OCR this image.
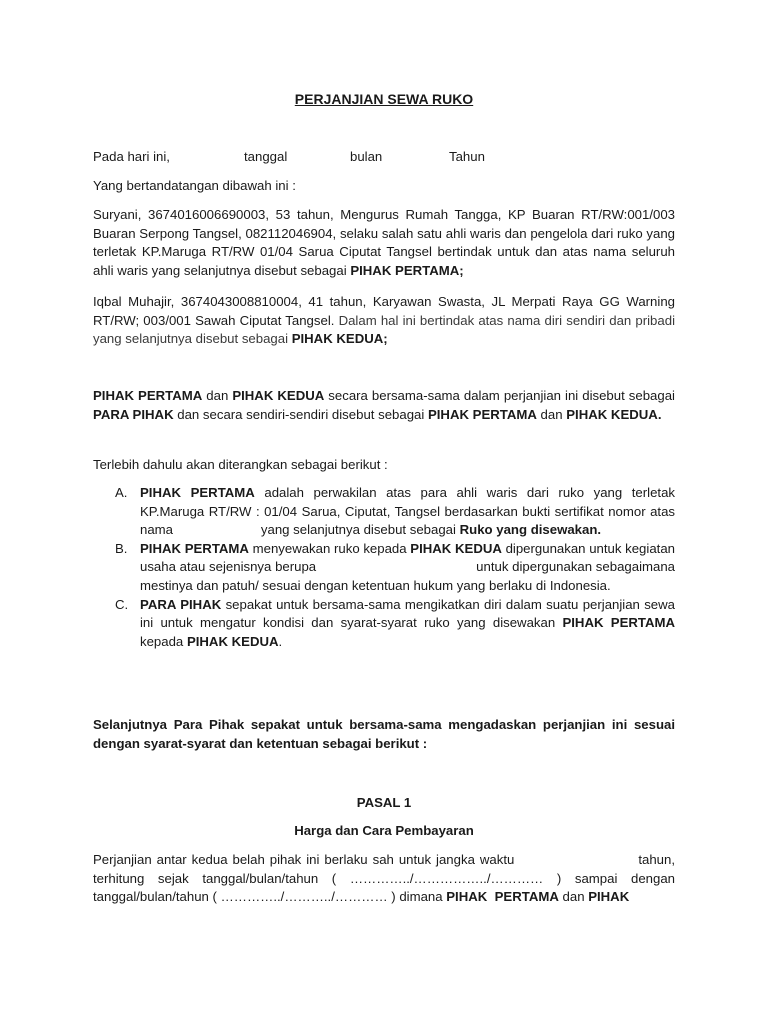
PERJANJIAN SEWA RUKO
Pada hari ini,	tanggal	bulan	Tahun

Yang bertandatangan dibawah ini :

Suryani, 3674016006690003, 53 tahun, Mengurus Rumah Tangga, KP Buaran RT/RW:001/003 Buaran Serpong Tangsel, 082112046904, selaku salah satu ahli waris dan pengelola dari ruko yang terletak KP.Maruga RT/RW 01/04 Sarua Ciputat Tangsel bertindak untuk dan atas nama seluruh ahli waris yang selanjutnya disebut sebagai PIHAK PERTAMA;

Iqbal Muhajir, 3674043008810004, 41 tahun, Karyawan Swasta, JL Merpati Raya GG Warning RT/RW; 003/001 Sawah Ciputat Tangsel. Dalam hal ini bertindak atas nama diri sendiri dan pribadi yang selanjutnya disebut sebagai PIHAK KEDUA;

PIHAK PERTAMA dan PIHAK KEDUA secara bersama-sama dalam perjanjian ini disebut sebagai PARA PIHAK dan secara sendiri-sendiri disebut sebagai PIHAK PERTAMA dan PIHAK KEDUA.

Terlebih dahulu akan diterangkan sebagai berikut :

A. PIHAK PERTAMA adalah perwakilan atas para ahli waris dari ruko yang terletak KP.Maruga RT/RW : 01/04 Sarua, Ciputat, Tangsel berdasarkan bukti sertifikat nomor atas nama                        yang selanjutnya disebut sebagai Ruko yang disewakan.
B. PIHAK PERTAMA menyewakan ruko kepada PIHAK KEDUA dipergunakan untuk kegiatan usaha atau sejenisnya berupa                                           untuk dipergunakan sebagaimana mestinya dan patuh/ sesuai dengan ketentuan hukum yang berlaku di Indonesia.
C. PARA PIHAK sepakat untuk bersama-sama mengikatkan diri dalam suatu perjanjian sewa ini untuk mengatur kondisi dan syarat-syarat ruko yang disewakan PIHAK PERTAMA kepada PIHAK KEDUA.

Selanjutnya Para Pihak sepakat untuk bersama-sama mengadaskan perjanjian ini sesuai dengan syarat-syarat dan ketentuan sebagai berikut :

PASAL 1
Harga dan Cara Pembayaran

Perjanjian antar kedua belah pihak ini berlaku sah untuk jangka waktu                         tahun, terhitung sejak tanggal/bulan/tahun ( …………../……………../………… ) sampai dengan tanggal/bulan/tahun ( …………../………../………… ) dimana PIHAK  PERTAMA dan PIHAK
